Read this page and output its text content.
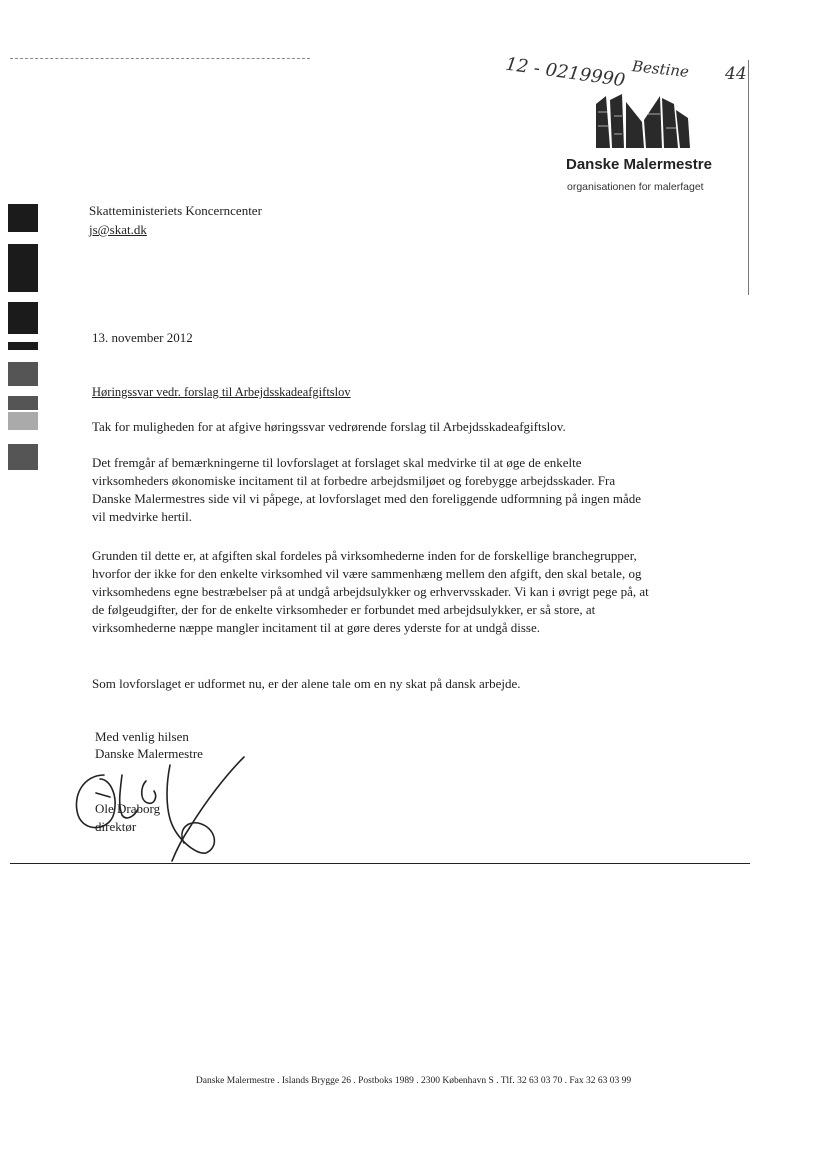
12 - 0219990 Bestine 44
Danske Malermestre
organisationen for malerfaget
Skatteministeriets Koncerncenter
js@skat.dk
13. november 2012
Høringssvar vedr. forslag til Arbejdsskadeafgiftslov
Tak for muligheden for at afgive høringssvar vedrørende forslag til Arbejdsskadeafgiftslov.
Det fremgår af bemærkningerne til lovforslaget at forslaget skal medvirke til at øge de enkelte virksomheders økonomiske incitament til at forbedre arbejdsmiljøet og forebygge arbejdsskader. Fra Danske Malermestres side vil vi påpege, at lovforslaget med den foreliggende udformning på ingen måde vil medvirke hertil.
Grunden til dette er, at afgiften skal fordeles på virksomhederne inden for de forskellige branchegrupper, hvorfor der ikke for den enkelte virksomhed vil være sammenhæng mellem den afgift, den skal betale, og virksomhedens egne bestræbelser på at undgå arbejdsulykker og erhvervsskader. Vi kan i øvrigt pege på, at de følgeudgifter, der for de enkelte virksomheder er forbundet med arbejdsulykker, er så store, at virksomhederne næppe mangler incitament til at gøre deres yderste for at undgå disse.
Som lovforslaget er udformet nu, er der alene tale om en ny skat på dansk arbejde.
Med venlig hilsen
Danske Malermestre
Ole Draborg
direktør
Danske Malermestre . Islands Brygge 26 . Postboks 1989 . 2300 København S . Tlf. 32 63 03 70 . Fax 32 63 03 99
